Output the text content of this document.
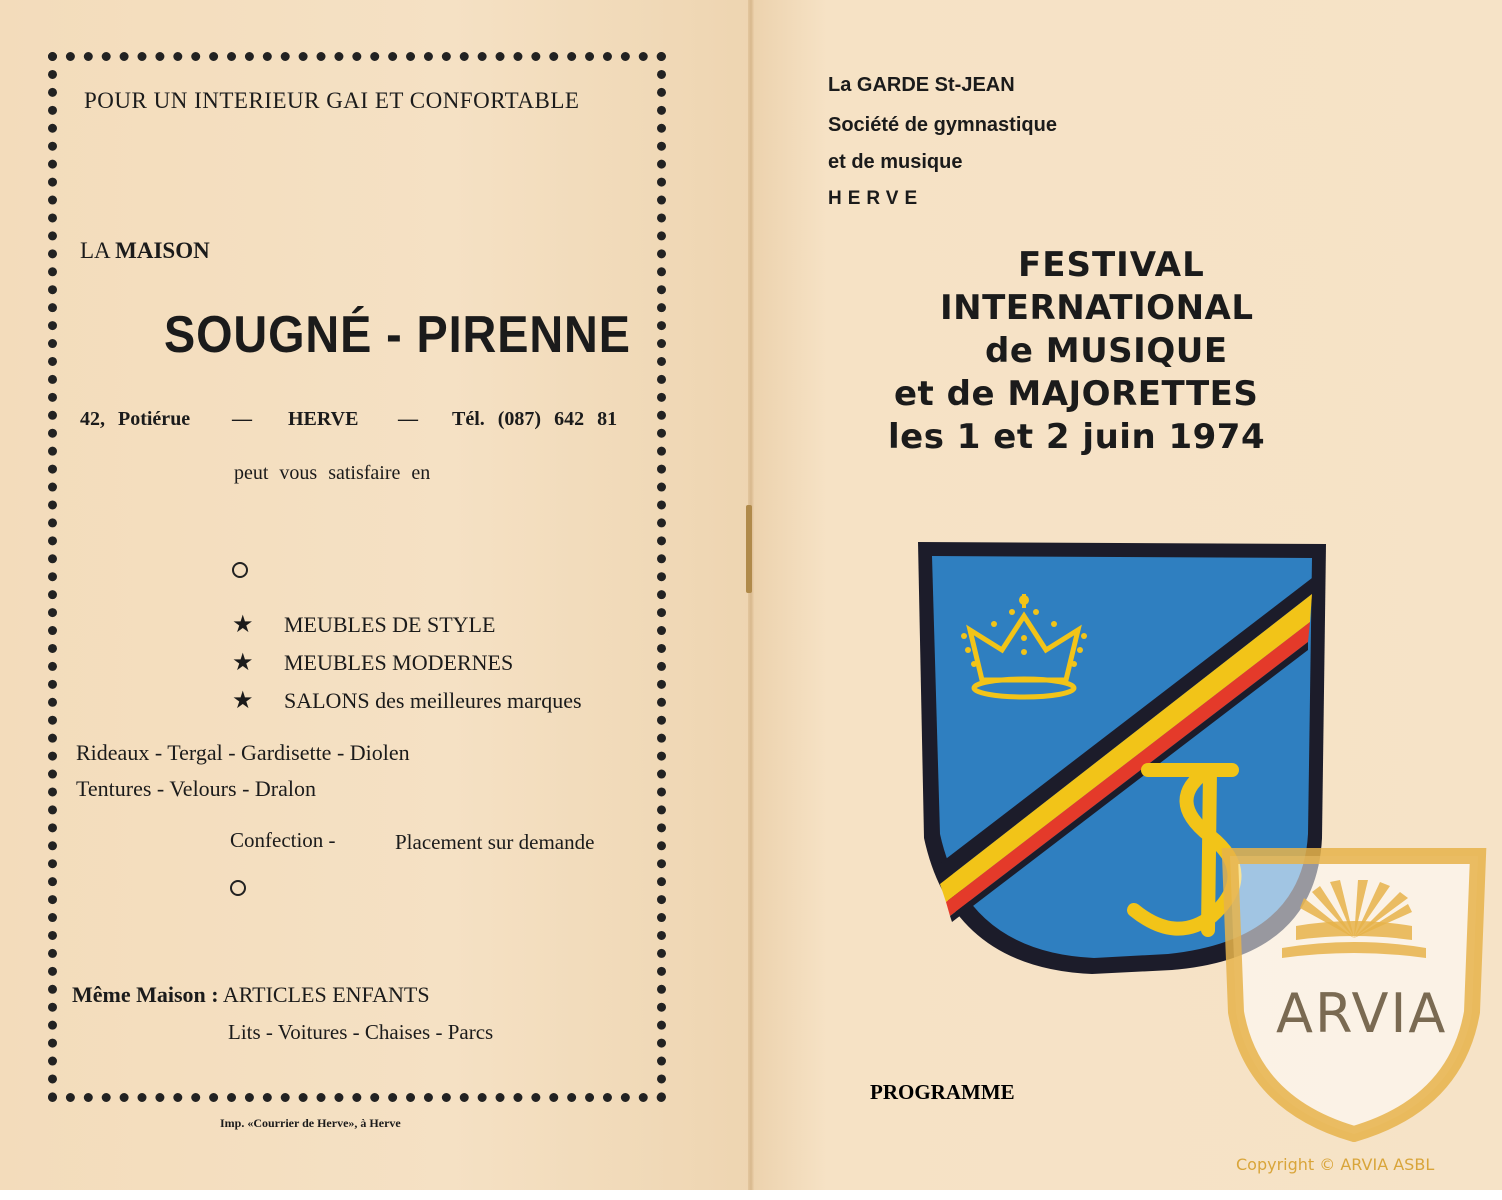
POUR UN INTERIEUR GAI ET CONFORTABLE
LA MAISON
SOUGNÉ - PIRENNE
42, Potiérue — HERVE — Tél. (087) 642 81
peut vous satisfaire en
★ MEUBLES DE STYLE
★ MEUBLES MODERNES
★ SALONS des meilleures marques
Rideaux - Tergal - Gardisette - Diolen
Tentures - Velours - Dralon
Confection -	Placement sur demande
Même Maison : ARTICLES ENFANTS
Lits - Voitures - Chaises - Parcs
Imp. «Courrier de Herve», à Herve
La GARDE St-JEAN
Société de gymnastique
et de musique
HERVE
FESTIVAL
INTERNATIONAL
de MUSIQUE
et de MAJORETTES
les 1 et 2 juin 1974
PROGRAMME
ARVIA
Copyright © ARVIA ASBL
